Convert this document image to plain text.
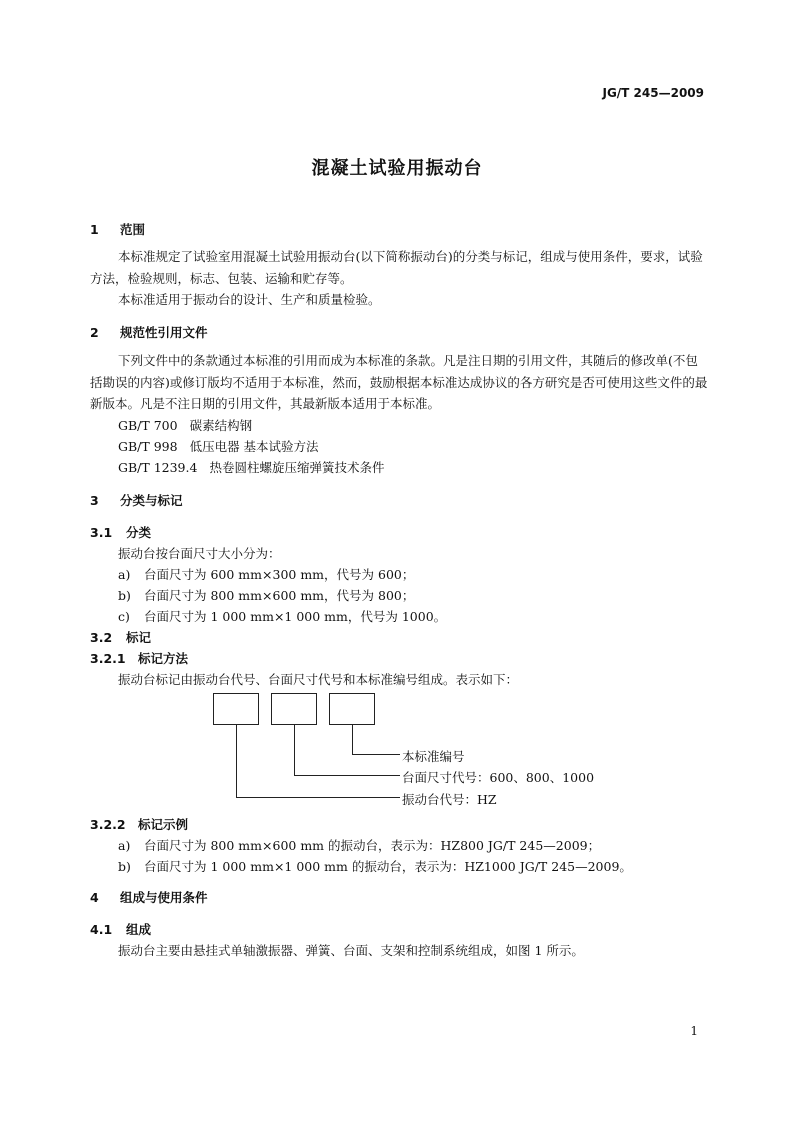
JG/T 245—2009
混凝土试验用振动台
1 范围
本标准规定了试验室用混凝土试验用振动台(以下简称振动台)的分类与标记，组成与使用条件，要求，试验方法，检验规则，标志、包装、运输和贮存等。
本标准适用于振动台的设计、生产和质量检验。
2 规范性引用文件
下列文件中的条款通过本标准的引用而成为本标准的条款。凡是注日期的引用文件，其随后的修改单(不包括勘误的内容)或修订版均不适用于本标准，然而，鼓励根据本标准达成协议的各方研究是否可使用这些文件的最新版本。凡是不注日期的引用文件，其最新版本适用于本标准。
GB/T 700 碳素结构钢
GB/T 998 低压电器 基本试验方法
GB/T 1239.4 热卷圆柱螺旋压缩弹簧技术条件
3 分类与标记
3.1 分类
振动台按台面尺寸大小分为：
a) 台面尺寸为 600 mm×300 mm，代号为 600；
b) 台面尺寸为 800 mm×600 mm，代号为 800；
c) 台面尺寸为 1 000 mm×1 000 mm，代号为 1000。
3.2 标记
3.2.1 标记方法
振动台标记由振动台代号、台面尺寸代号和本标准编号组成。表示如下：
本标准编号
台面尺寸代号：600、800、1000
振动台代号：HZ
3.2.2 标记示例
a) 台面尺寸为 800 mm×600 mm 的振动台，表示为：HZ800 JG/T 245—2009；
b) 台面尺寸为 1 000 mm×1 000 mm 的振动台，表示为：HZ1000 JG/T 245—2009。
4 组成与使用条件
4.1 组成
振动台主要由悬挂式单轴激振器、弹簧、台面、支架和控制系统组成，如图 1 所示。
1
